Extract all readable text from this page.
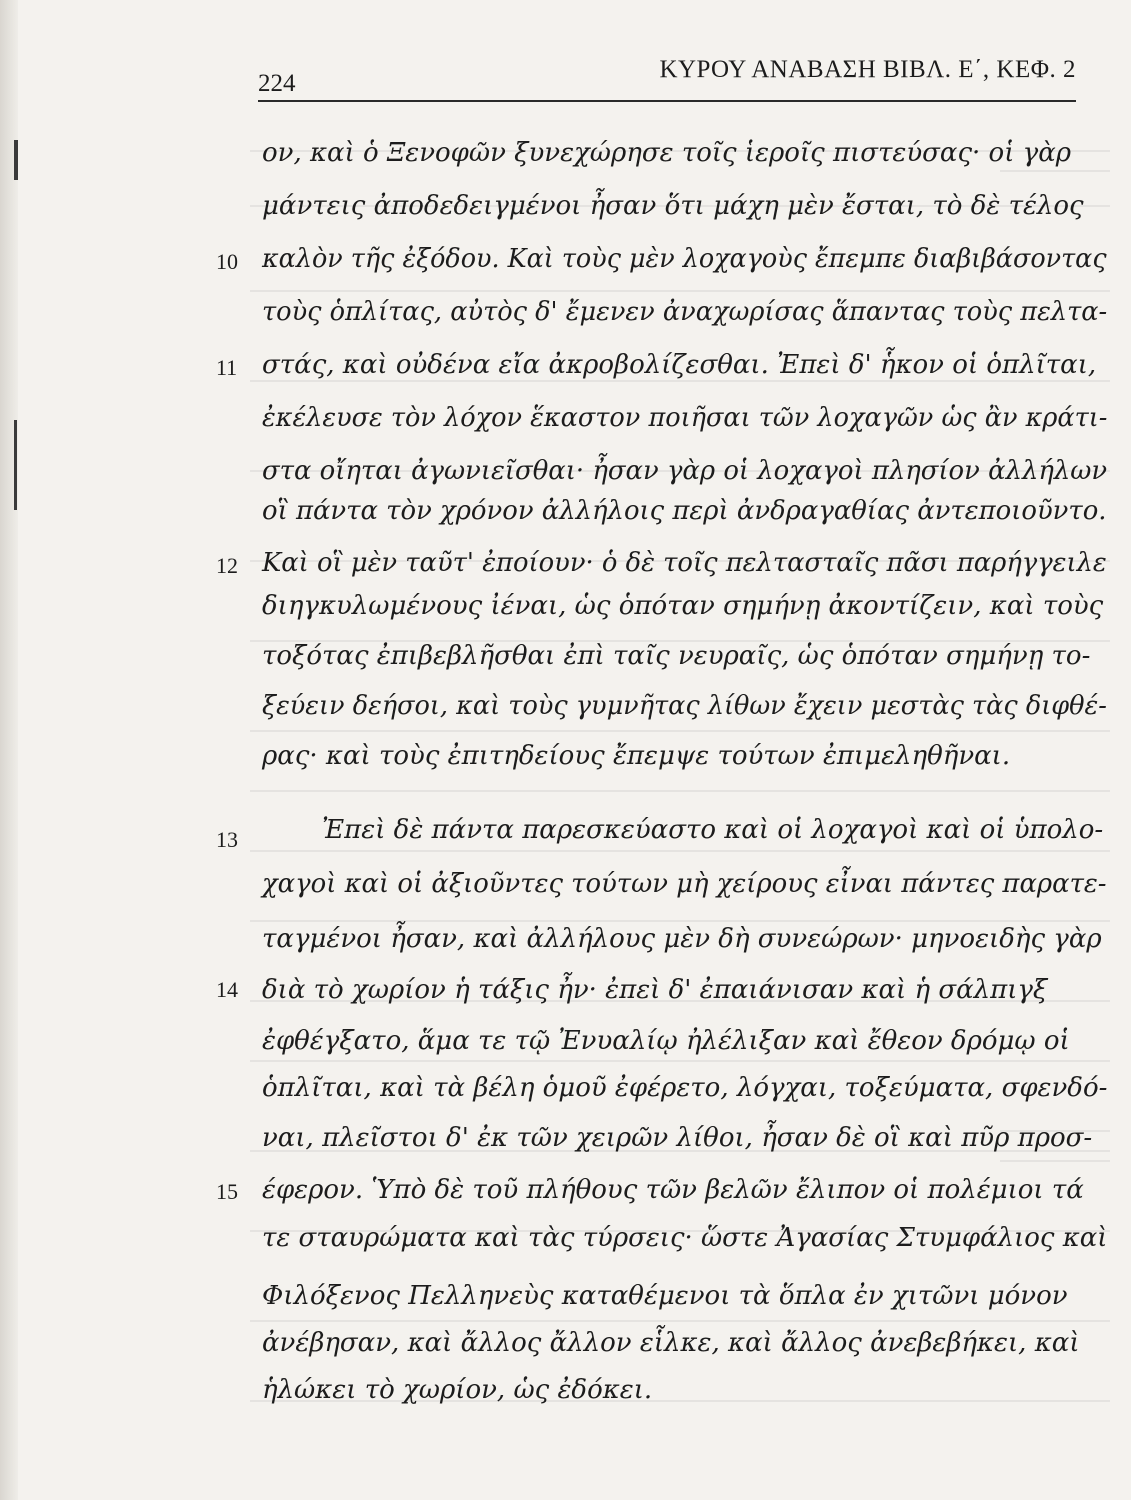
224
ΚΥΡΟΥ ΑΝΑΒΑΣΗ ΒΙΒΛ. Ε΄, ΚΕΦ. 2
10
11
12
13
14
15
ον, καὶ ὁ Ξενοφῶν ξυνεχώρησε τοῖς ἱεροῖς πιστεύσας· οἱ γὰρ
μάντεις ἀποδεδειγμένοι ἦσαν ὅτι μάχη μὲν ἔσται, τὸ δὲ τέλος
καλὸν τῆς ἐξόδου. Καὶ τοὺς μὲν λοχαγοὺς ἔπεμπε διαβιβάσοντας
τοὺς ὁπλίτας, αὐτὸς δ' ἔμενεν ἀναχωρίσας ἅπαντας τοὺς πελτα-
στάς, καὶ οὐδένα εἴα ἀκροβολίζεσθαι. Ἐπεὶ δ' ἧκον οἱ ὁπλῖται,
ἐκέλευσε τὸν λόχον ἕκαστον ποιῆσαι τῶν λοχαγῶν ὡς ἂν κράτι-
στα οἴηται ἀγωνιεῖσθαι· ἦσαν γὰρ οἱ λοχαγοὶ πλησίον ἀλλήλων
οἳ πάντα τὸν χρόνον ἀλλήλοις περὶ ἀνδραγαθίας ἀντεποιοῦντο.
Καὶ οἳ μὲν ταῦτ' ἐποίουν· ὁ δὲ τοῖς πελτασταῖς πᾶσι παρήγγειλε
διηγκυλωμένους ἰέναι, ὡς ὁπόταν σημήνῃ ἀκοντίζειν, καὶ τοὺς
τοξότας ἐπιβεβλῆσθαι ἐπὶ ταῖς νευραῖς, ὡς ὁπόταν σημήνῃ το-
ξεύειν δεήσοι, καὶ τοὺς γυμνῆτας λίθων ἔχειν μεστὰς τὰς διφθέ-
ρας· καὶ τοὺς ἐπιτηδείους ἔπεμψε τούτων ἐπιμεληθῆναι.
Ἐπεὶ δὲ πάντα παρεσκεύαστο καὶ οἱ λοχαγοὶ καὶ οἱ ὑπολο-
χαγοὶ καὶ οἱ ἀξιοῦντες τούτων μὴ χείρους εἶναι πάντες παρατε-
ταγμένοι ἦσαν, καὶ ἀλλήλους μὲν δὴ συνεώρων· μηνοειδὴς γὰρ
διὰ τὸ χωρίον ἡ τάξις ἦν· ἐπεὶ δ' ἐπαιάνισαν καὶ ἡ σάλπιγξ
ἐφθέγξατο, ἅμα τε τῷ Ἐνυαλίῳ ἠλέλιξαν καὶ ἔθεον δρόμῳ οἱ
ὁπλῖται, καὶ τὰ βέλη ὁμοῦ ἐφέρετο, λόγχαι, τοξεύματα, σφενδό-
ναι, πλεῖστοι δ' ἐκ τῶν χειρῶν λίθοι, ἦσαν δὲ οἳ καὶ πῦρ προσ-
έφερον. Ὑπὸ δὲ τοῦ πλήθους τῶν βελῶν ἔλιπον οἱ πολέμιοι τά
τε σταυρώματα καὶ τὰς τύρσεις· ὥστε Ἀγασίας Στυμφάλιος καὶ
Φιλόξενος Πελληνεὺς καταθέμενοι τὰ ὅπλα ἐν χιτῶνι μόνον
ἀνέβησαν, καὶ ἄλλος ἄλλον εἷλκε, καὶ ἄλλος ἀνεβεβήκει, καὶ
ἡλώκει τὸ χωρίον, ὡς ἐδόκει.
